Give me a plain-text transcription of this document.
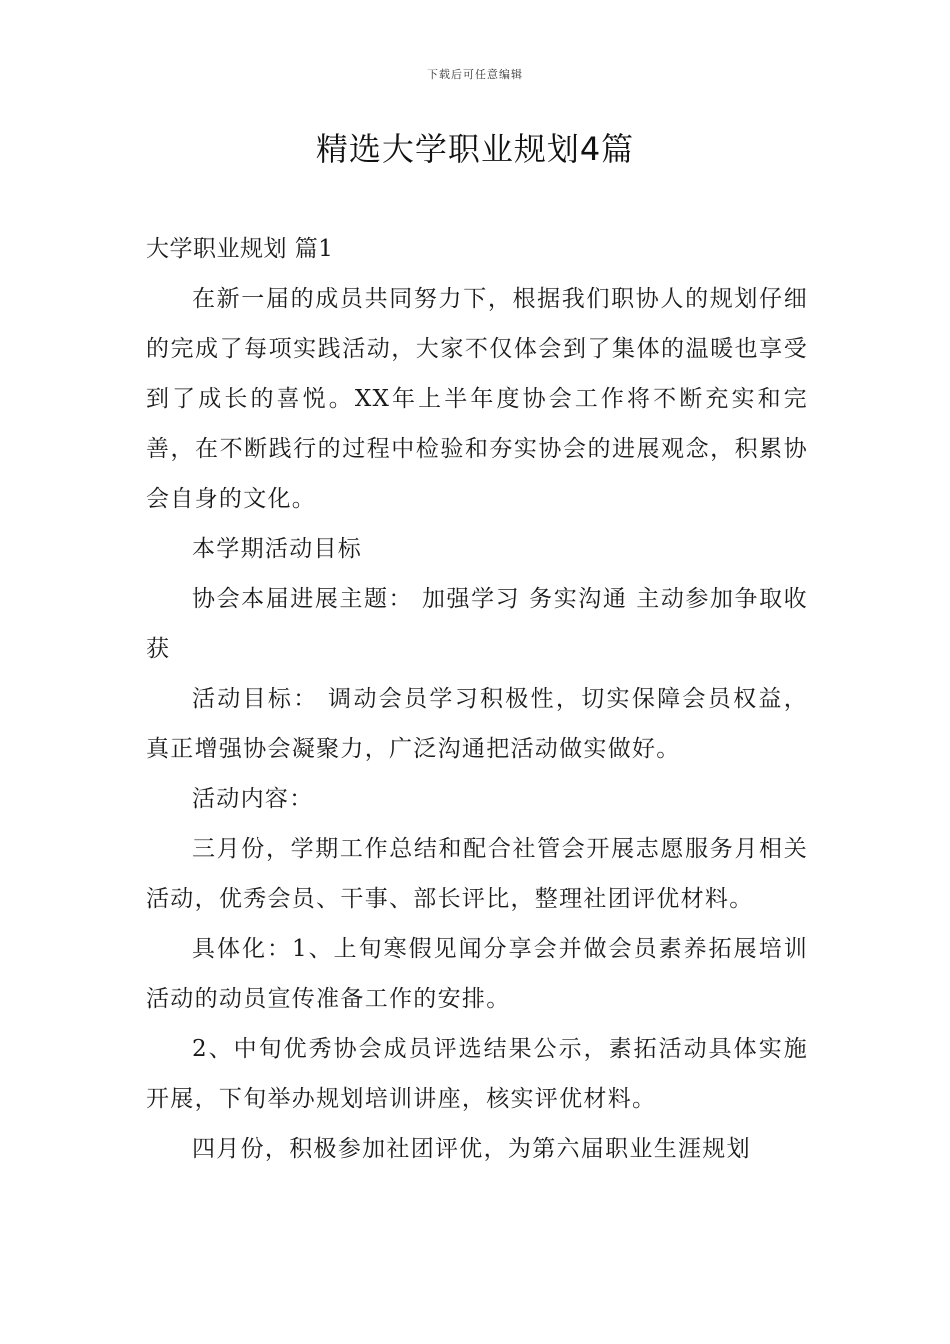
下载后可任意编辑
精选大学职业规划4篇

大学职业规划 篇1

在新一届的成员共同努力下，根据我们职协人的规划仔细的完成了每项实践活动，大家不仅体会到了集体的温暖也享受到了成长的喜悦。XX年上半年度协会工作将不断充实和完善，在不断践行的过程中检验和夯实协会的进展观念，积累协会自身的文化。

本学期活动目标

协会本届进展主题： 加强学习 务实沟通 主动参加争取收获

活动目标： 调动会员学习积极性，切实保障会员权益，真正增强协会凝聚力，广泛沟通把活动做实做好。

活动内容：

三月份，学期工作总结和配合社管会开展志愿服务月相关活动，优秀会员、干事、部长评比，整理社团评优材料。

具体化：1、上旬寒假见闻分享会并做会员素养拓展培训活动的动员宣传准备工作的安排。

2、中旬优秀协会成员评选结果公示，素拓活动具体实施开展，下旬举办规划培训讲座，核实评优材料。

四月份，积极参加社团评优，为第六届职业生涯规划
